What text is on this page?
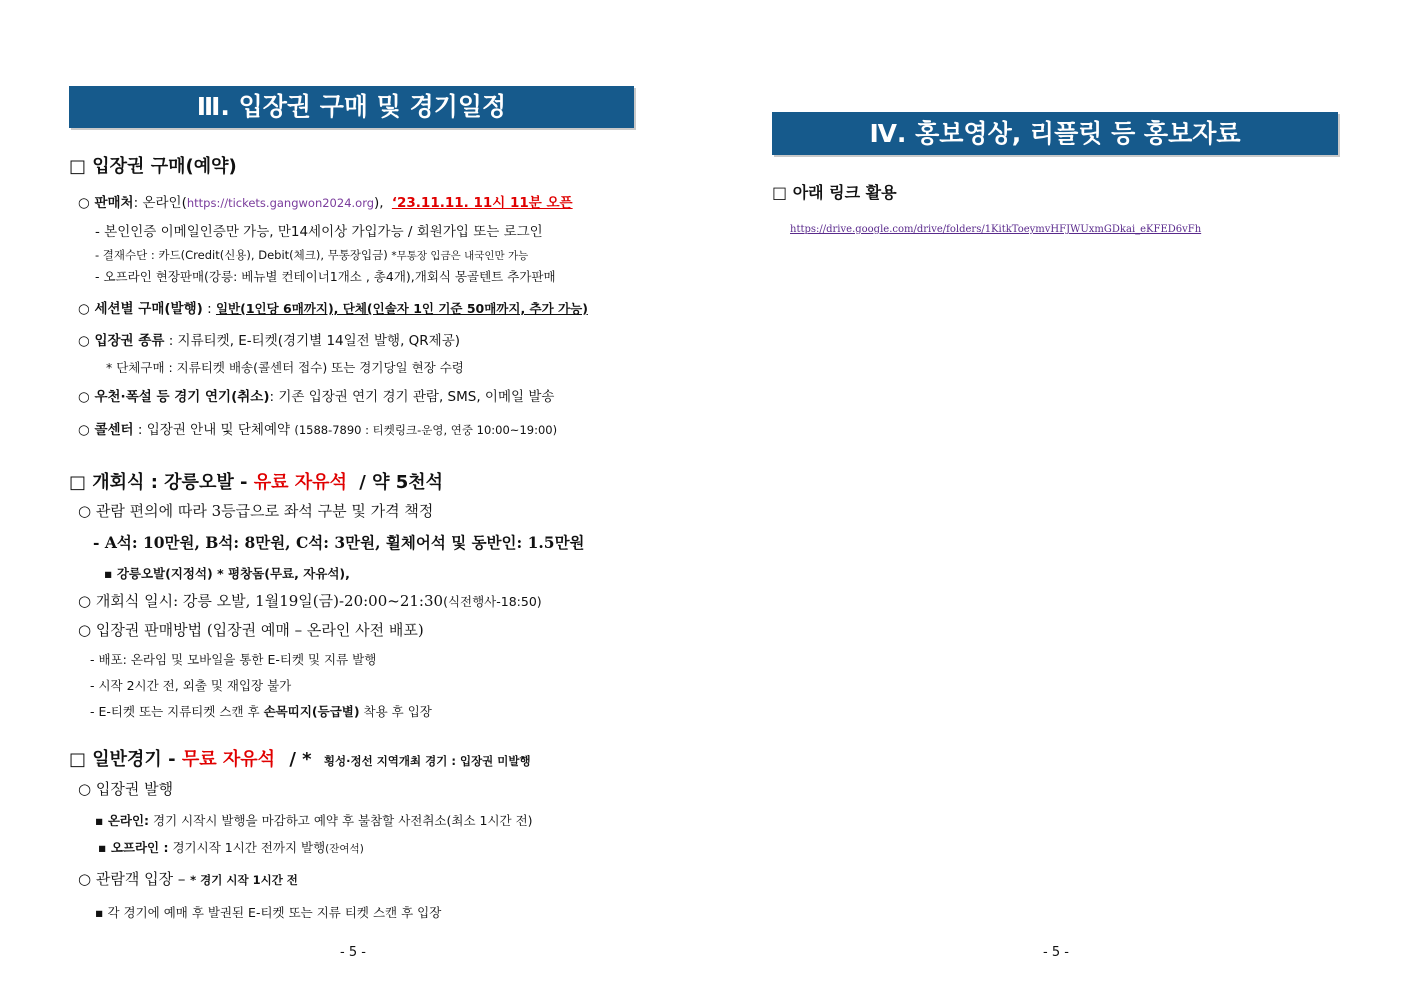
Ⅲ. 입장권 구매 및 경기일정
□ 입장권 구매(예약)
○ 판매처: 온라인(https://tickets.gangwon2024.org), ‘23.11.11. 11시 11분 오픈
- 본인인증 이메일인증만 가능, 만14세이상 가입가능 / 회원가입 또는 로그인
- 결재수단 : 카드(Credit(신용), Debit(체크), 무통장입금) *무통장 입금은 내국인만 가능
- 오프라인 현장판매(강릉: 베뉴별 컨테이너1개소 , 총4개),개회식 몽골텐트 추가판매
○ 세션별 구매(발행) : 일반(1인당 6매까지), 단체(인솔자 1인 기준 50매까지, 추가 가능)
○ 입장권 종류 : 지류티켓, E-티켓(경기별 14일전 발행, QR제공)
* 단체구매 : 지류티켓 배송(콜센터 접수) 또는 경기당일 현장 수령
○ 우천·폭설 등 경기 연기(취소): 기존 입장권 연기 경기 관람, SMS, 이메일 발송
○ 콜센터 : 입장권 안내 및 단체예약 (1588-7890 : 티켓링크-운영, 연중 10:00~19:00)
□ 개회식 : 강릉오발 - 유료 자유석 / 약 5천석
○ 관람 편의에 따라 3등급으로 좌석 구분 및 가격 책정
- A석: 10만원, B석: 8만원, C석: 3만원, 휠체어석 및 동반인: 1.5만원
▪ 강릉오발(지정석) * 평창돔(무료, 자유석),
○ 개회식 일시: 강릉 오발, 1월19일(금)-20:00~21:30(식전행사-18:50)
○ 입장권 판매방법 (입장권 예매 – 온라인 사전 배포)
- 배포: 온라임 및 모바일을 통한 E-티켓 및 지류 발행
- 시작 2시간 전, 외출 및 재입장 불가
- E-티켓 또는 지류티켓 스캔 후 손목띠지(등급별) 착용 후 입장
□ 일반경기 - 무료 자유석 / * 횡성·정선 지역개최 경기 : 입장권 미발행
○ 입장권 발행
▪ 온라인: 경기 시작시 발행을 마감하고 예약 후 불참할 사전취소(최소 1시간 전)
▪ 오프라인 : 경기시작 1시간 전까지 발행(잔여석)
○ 관람객 입장 – * 경기 시작 1시간 전
▪ 각 경기에 예매 후 발권된 E-티켓 또는 지류 티켓 스캔 후 입장
- 5 -
Ⅳ. 홍보영상, 리플릿 등 홍보자료
□ 아래 링크 활용
https://drive.google.com/drive/folders/1KitkToeymvHFJWUxmGDkai_eKFED6vFh
- 5 -
